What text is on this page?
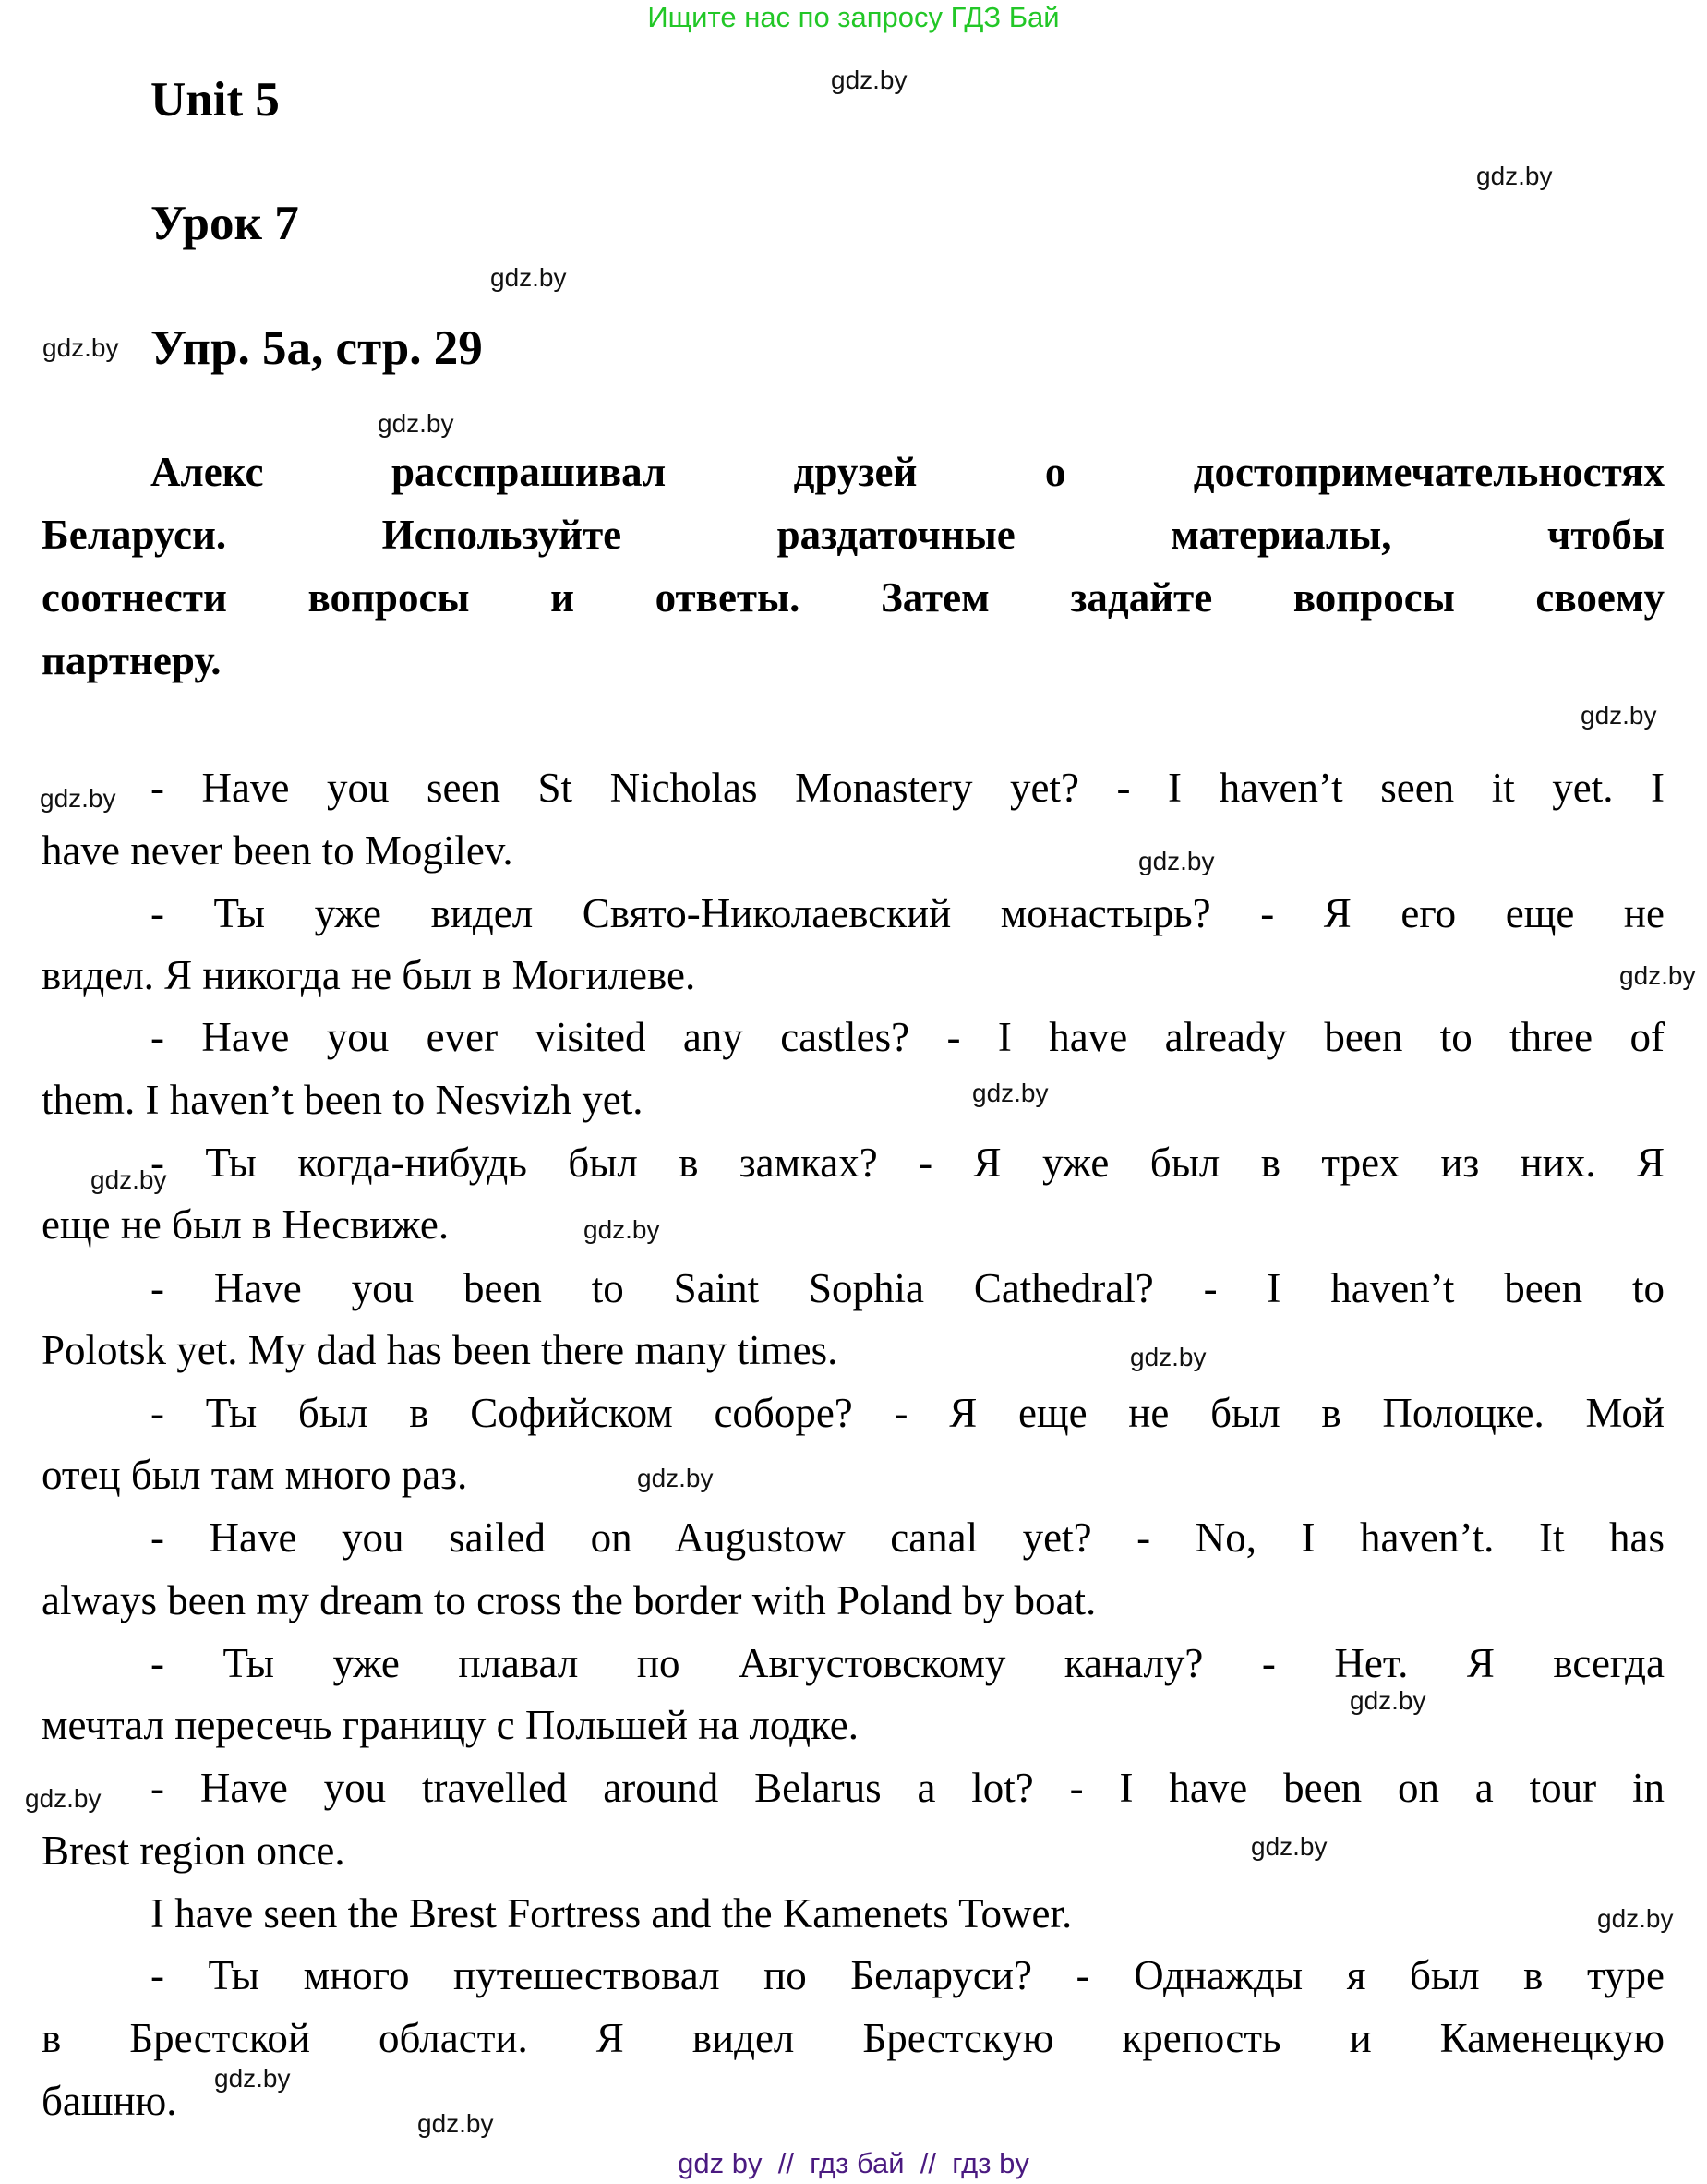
Ищите нас по запросу ГДЗ Бай
Unit 5
Урок 7
Упр. 5а, стр. 29
Алекс расспрашивал друзей о достопримечательностях
Беларуси. Используйте раздаточные материалы, чтобы
соотнести вопросы и ответы. Затем задайте вопросы своему
партнеру.
- Have you seen St Nicholas Monastery yet? - I haven’t seen it yet. I
have never been to Mogilev.
- Ты уже видел Свято-Николаевский монастырь? - Я его еще не
видел. Я никогда не был в Могилеве.
- Have you ever visited any castles? - I have already been to three of
them. I haven’t been to Nesvizh yet.
- Ты когда-нибудь был в замках? - Я уже был в трех из них. Я
еще не был в Несвиже.
- Have you been to Saint Sophia Cathedral? - I haven’t been to
Polotsk yet. My dad has been there many times.
- Ты был в Софийском соборе? - Я еще не был в Полоцке. Мой
отец был там много раз.
- Have you sailed on Augustow canal yet? - No, I haven’t. It has
always been my dream to cross the border with Poland by boat.
- Ты уже плавал по Августовскому каналу? - Нет. Я всегда
мечтал пересечь границу с Польшей на лодке.
- Have you travelled around Belarus a lot? - I have been on a tour in
Brest region once.
I have seen the Brest Fortress and the Kamenets Tower.
- Ты много путешествовал по Беларуси? - Однажды я был в туре
в Брестской области. Я видел Брестскую крепость и Каменецкую
башню.
gdz.by
gdz.by
gdz.by
gdz.by
gdz.by
gdz.by
gdz.by
gdz.by
gdz.by
gdz.by
gdz.by
gdz.by
gdz.by
gdz.by
gdz.by
gdz.by
gdz.by
gdz.by
gdz.by
gdz.by
gdz by  //  гдз бай  //  гдз by
